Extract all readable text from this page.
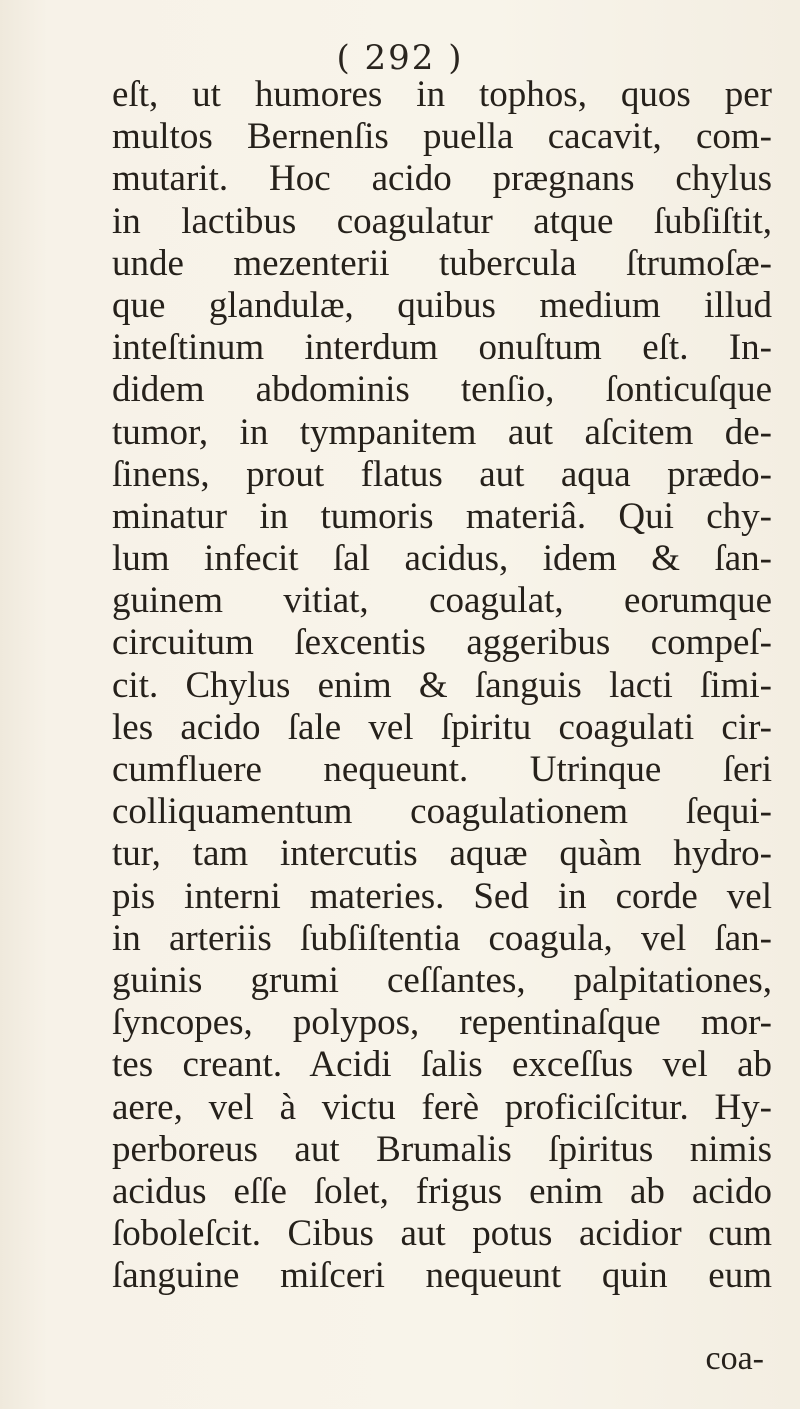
( 292 )
eſt, ut humores in tophos, quos per
multos Bernenſis puella cacavit, com-
mutarit. Hoc acido prægnans chylus
in lactibus coagulatur atque ſubſiſtit,
unde mezenterii tubercula ſtrumoſæ-
que glandulæ, quibus medium illud
inteſtinum interdum onuſtum eſt. In-
didem abdominis tenſio, ſonticuſque
tumor, in tympanitem aut aſcitem de-
ſinens, prout flatus aut aqua prædo-
minatur in tumoris materiâ. Qui chy-
lum infecit ſal acidus, idem & ſan-
guinem vitiat, coagulat, eorumque
circuitum ſexcentis aggeribus compeſ-
cit. Chylus enim & ſanguis lacti ſimi-
les acido ſale vel ſpiritu coagulati cir-
cumfluere nequeunt. Utrinque ſeri
colliquamentum coagulationem ſequi-
tur, tam intercutis aquæ quàm hydro-
pis interni materies. Sed in corde vel
in arteriis ſubſiſtentia coagula, vel ſan-
guinis grumi ceſſantes, palpitationes,
ſyncopes, polypos, repentinaſque mor-
tes creant. Acidi ſalis exceſſus vel ab
aere, vel à victu ferè proficiſcitur. Hy-
perboreus aut Brumalis ſpiritus nimis
acidus eſſe ſolet, frigus enim ab acido
ſobolеſcit. Cibus aut potus acidior cum
ſanguine miſceri nequeunt quin eum
coa-
